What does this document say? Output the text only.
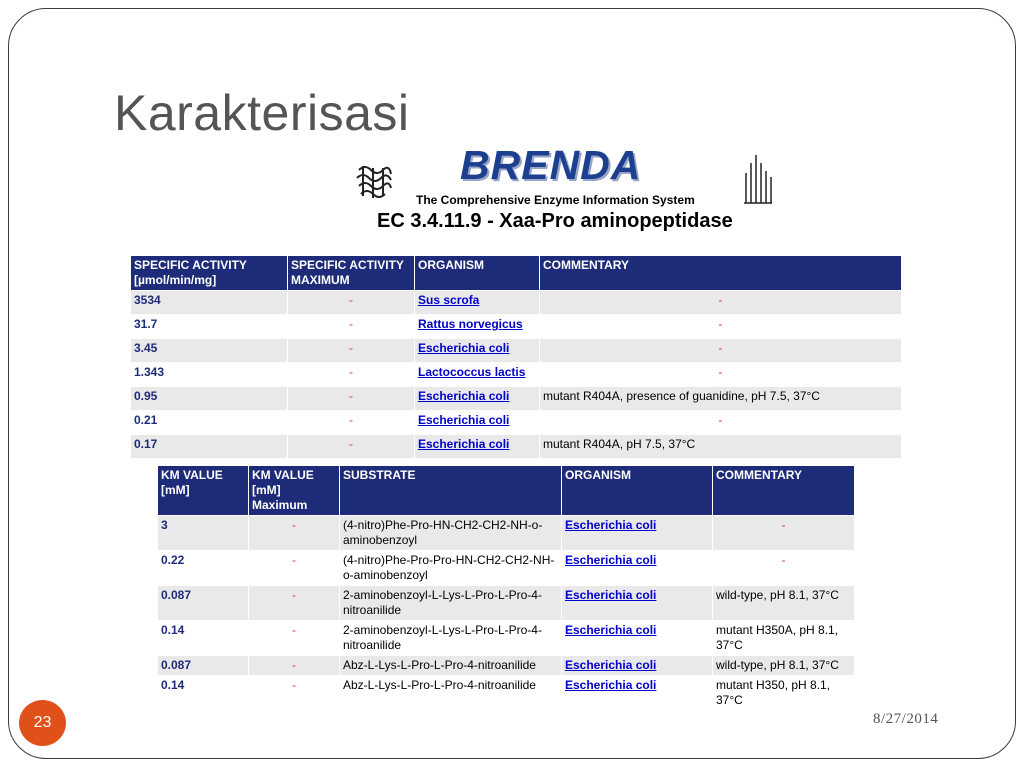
Karakterisasi
BRENDA
The Comprehensive Enzyme Information System
EC 3.4.11.9 - Xaa-Pro aminopeptidase
SPECIFIC ACTIVITY [µmol/min/mg]	SPECIFIC ACTIVITY MAXIMUM	ORGANISM	COMMENTARY
3534	-	Sus scrofa	-
31.7	-	Rattus norvegicus	-
3.45	-	Escherichia coli	-
1.343	-	Lactococcus lactis	-
0.95	-	Escherichia coli	mutant R404A, presence of guanidine, pH 7.5, 37°C
0.21	-	Escherichia coli	-
0.17	-	Escherichia coli	mutant R404A, pH 7.5, 37°C
KM VALUE [mM]	KM VALUE [mM] Maximum	SUBSTRATE	ORGANISM	COMMENTARY
3	-	(4-nitro)Phe-Pro-HN-CH2-CH2-NH-o-aminobenzoyl	Escherichia coli	-
0.22	-	(4-nitro)Phe-Pro-Pro-HN-CH2-CH2-NH-o-aminobenzoyl	Escherichia coli	-
0.087	-	2-aminobenzoyl-L-Lys-L-Pro-L-Pro-4-nitroanilide	Escherichia coli	wild-type, pH 8.1, 37°C
0.14	-	2-aminobenzoyl-L-Lys-L-Pro-L-Pro-4-nitroanilide	Escherichia coli	mutant H350A, pH 8.1, 37°C
0.087	-	Abz-L-Lys-L-Pro-L-Pro-4-nitroanilide	Escherichia coli	wild-type, pH 8.1, 37°C
0.14	-	Abz-L-Lys-L-Pro-L-Pro-4-nitroanilide	Escherichia coli	mutant H350, pH 8.1, 37°C
23	8/27/2014
